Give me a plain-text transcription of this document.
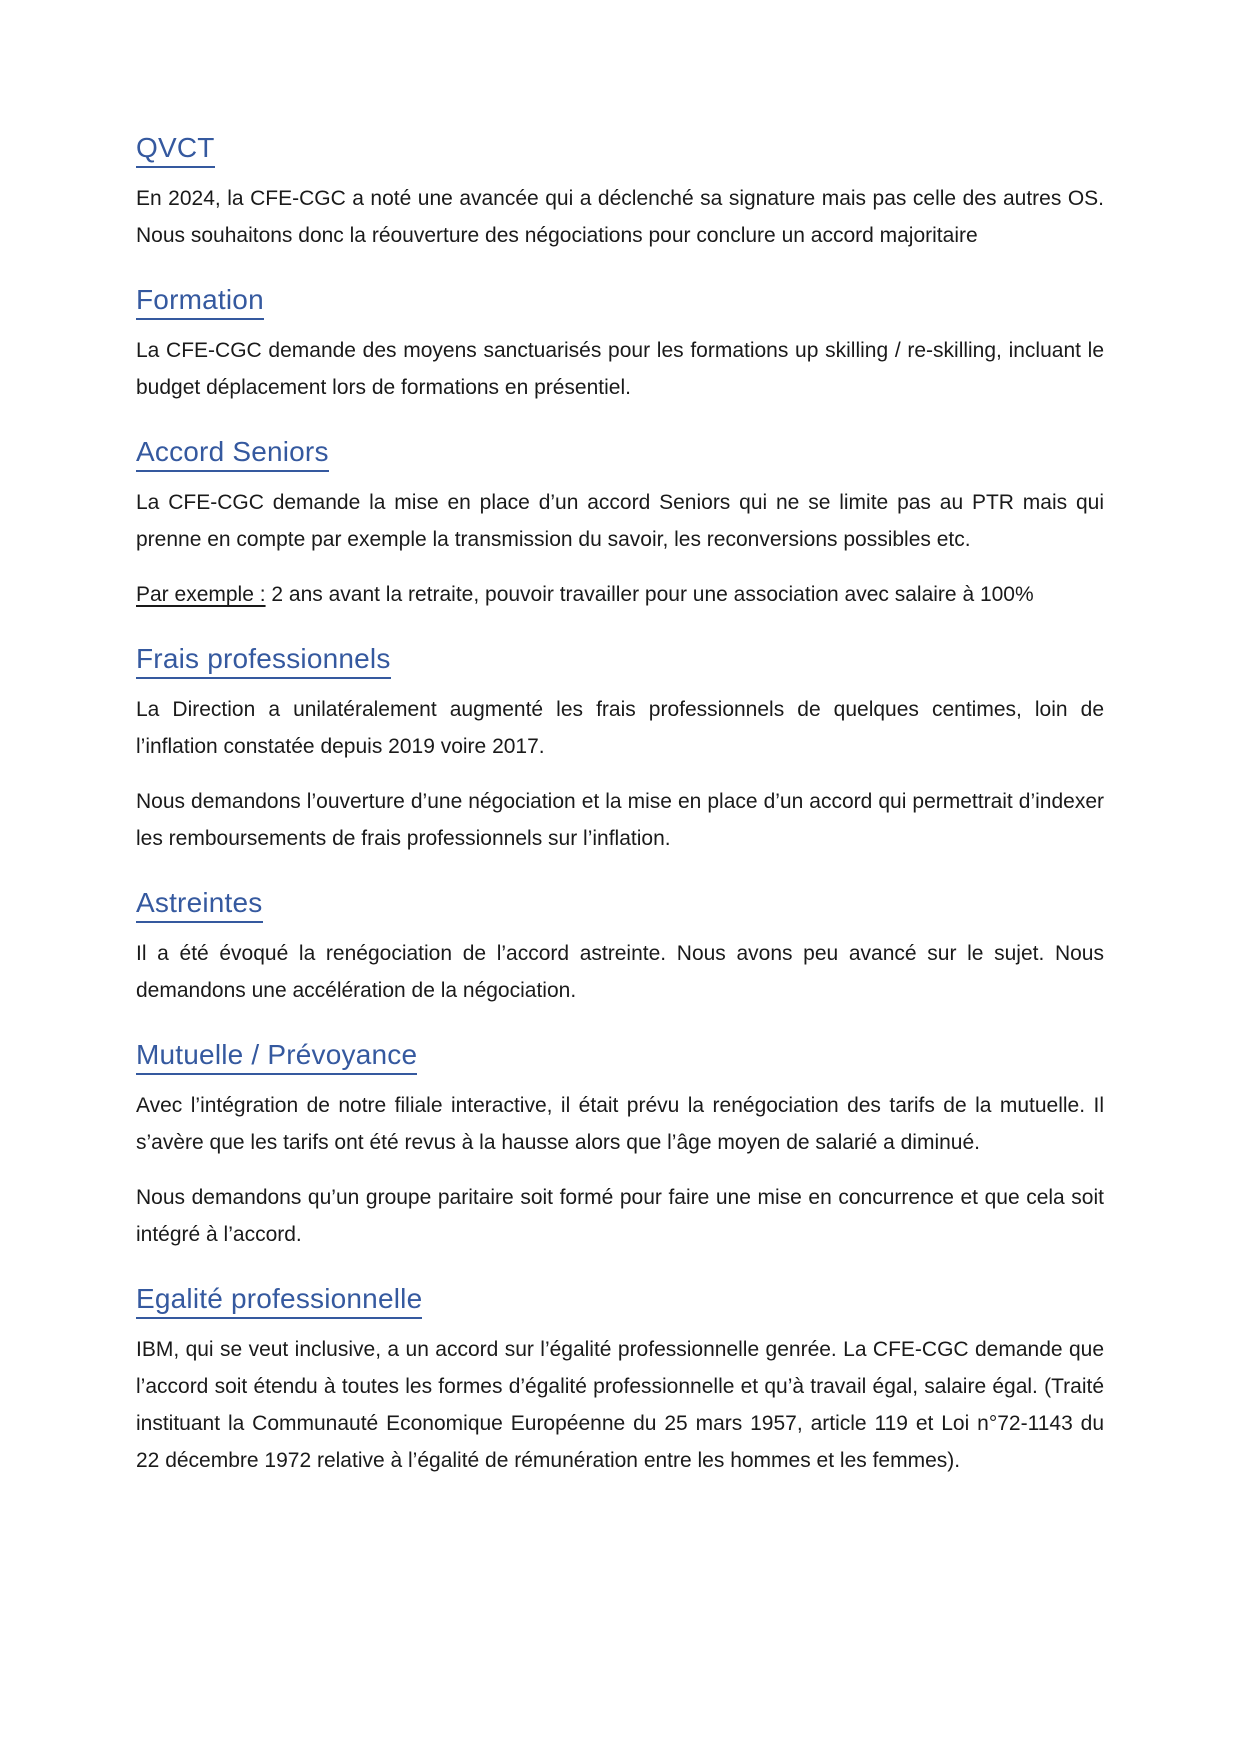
QVCT

En 2024, la CFE-CGC a noté une avancée qui a déclenché sa signature mais pas celle des autres OS. Nous souhaitons donc la réouverture des négociations pour conclure un accord majoritaire

Formation

La CFE-CGC demande des moyens sanctuarisés pour les formations up skilling / re-skilling, incluant le budget déplacement lors de formations en présentiel.

Accord Seniors

La CFE-CGC demande la mise en place d’un accord Seniors qui ne se limite pas au PTR mais qui prenne en compte par exemple la transmission du savoir, les reconversions possibles etc.

Par exemple : 2 ans avant la retraite, pouvoir travailler pour une association avec salaire à 100%

Frais professionnels

La Direction a unilatéralement augmenté les frais professionnels de quelques centimes, loin de l’inflation constatée depuis 2019 voire 2017.

Nous demandons l’ouverture d’une négociation et la mise en place d’un accord qui permettrait d’indexer les remboursements de frais professionnels sur l’inflation.

Astreintes

Il a été évoqué la renégociation de l’accord astreinte. Nous avons peu avancé sur le sujet. Nous demandons une accélération de la négociation.

Mutuelle / Prévoyance

Avec l’intégration de notre filiale interactive, il était prévu la renégociation des tarifs de la mutuelle. Il s’avère que les tarifs ont été revus à la hausse alors que l’âge moyen de salarié a diminué.

Nous demandons qu’un groupe paritaire soit formé pour faire une mise en concurrence et que cela soit intégré à l’accord.

Egalité professionnelle

IBM, qui se veut inclusive, a un accord sur l’égalité professionnelle genrée. La CFE-CGC demande que l’accord soit étendu à toutes les formes d’égalité professionnelle et qu’à travail égal, salaire égal. (Traité instituant la Communauté Economique Européenne du 25 mars 1957, article 119 et Loi n°72-1143 du 22 décembre 1972 relative à l’égalité de rémunération entre les hommes et les femmes).
